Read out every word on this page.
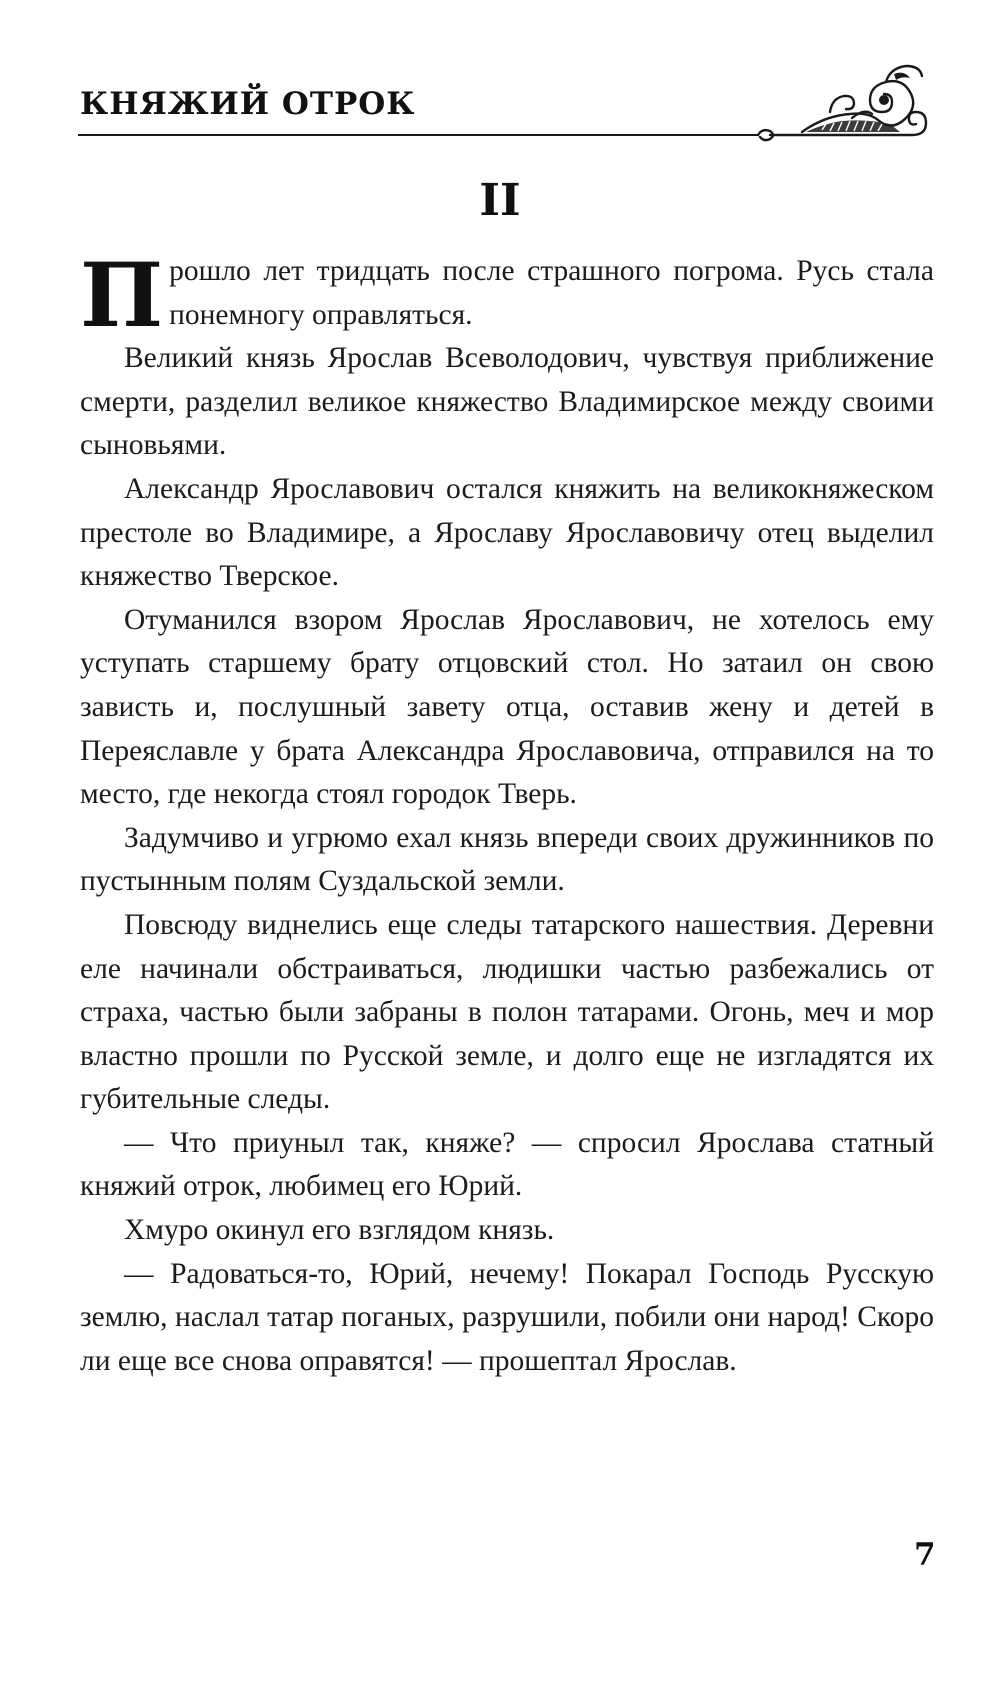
КНЯЖИЙ ОТРОК
II

Прошло лет тридцать после страшного погрома. Русь стала понемногу оправляться.

Великий князь Ярослав Всеволодович, чувствуя приближение смерти, разделил великое княжество Владимирское между своими сыновьями.

Александр Ярославович остался княжить на великокняжеском престоле во Владимире, а Ярославу Ярославовичу отец выделил княжество Тверское.

Отуманился взором Ярослав Ярославович, не хотелось ему уступать старшему брату отцовский стол. Но затаил он свою зависть и, послушный завету отца, оставив жену и детей в Переяславле у брата Александра Ярославовича, отправился на то место, где некогда стоял городок Тверь.

Задумчиво и угрюмо ехал князь впереди своих дружинников по пустынным полям Суздальской земли.

Повсюду виднелись еще следы татарского нашествия. Деревни еле начинали обстраиваться, людишки частью разбежались от страха, частью были забраны в полон татарами. Огонь, меч и мор властно прошли по Русской земле, и долго еще не изгладятся их губительные следы.

— Что приуныл так, княже? — спросил Ярослава статный княжий отрок, любимец его Юрий.

Хмуро окинул его взглядом князь.

— Радоваться-то, Юрий, нечему! Покарал Господь Русскую землю, наслал татар поганых, разрушили, побили они народ! Скоро ли еще все снова оправятся! — прошептал Ярослав.

7
